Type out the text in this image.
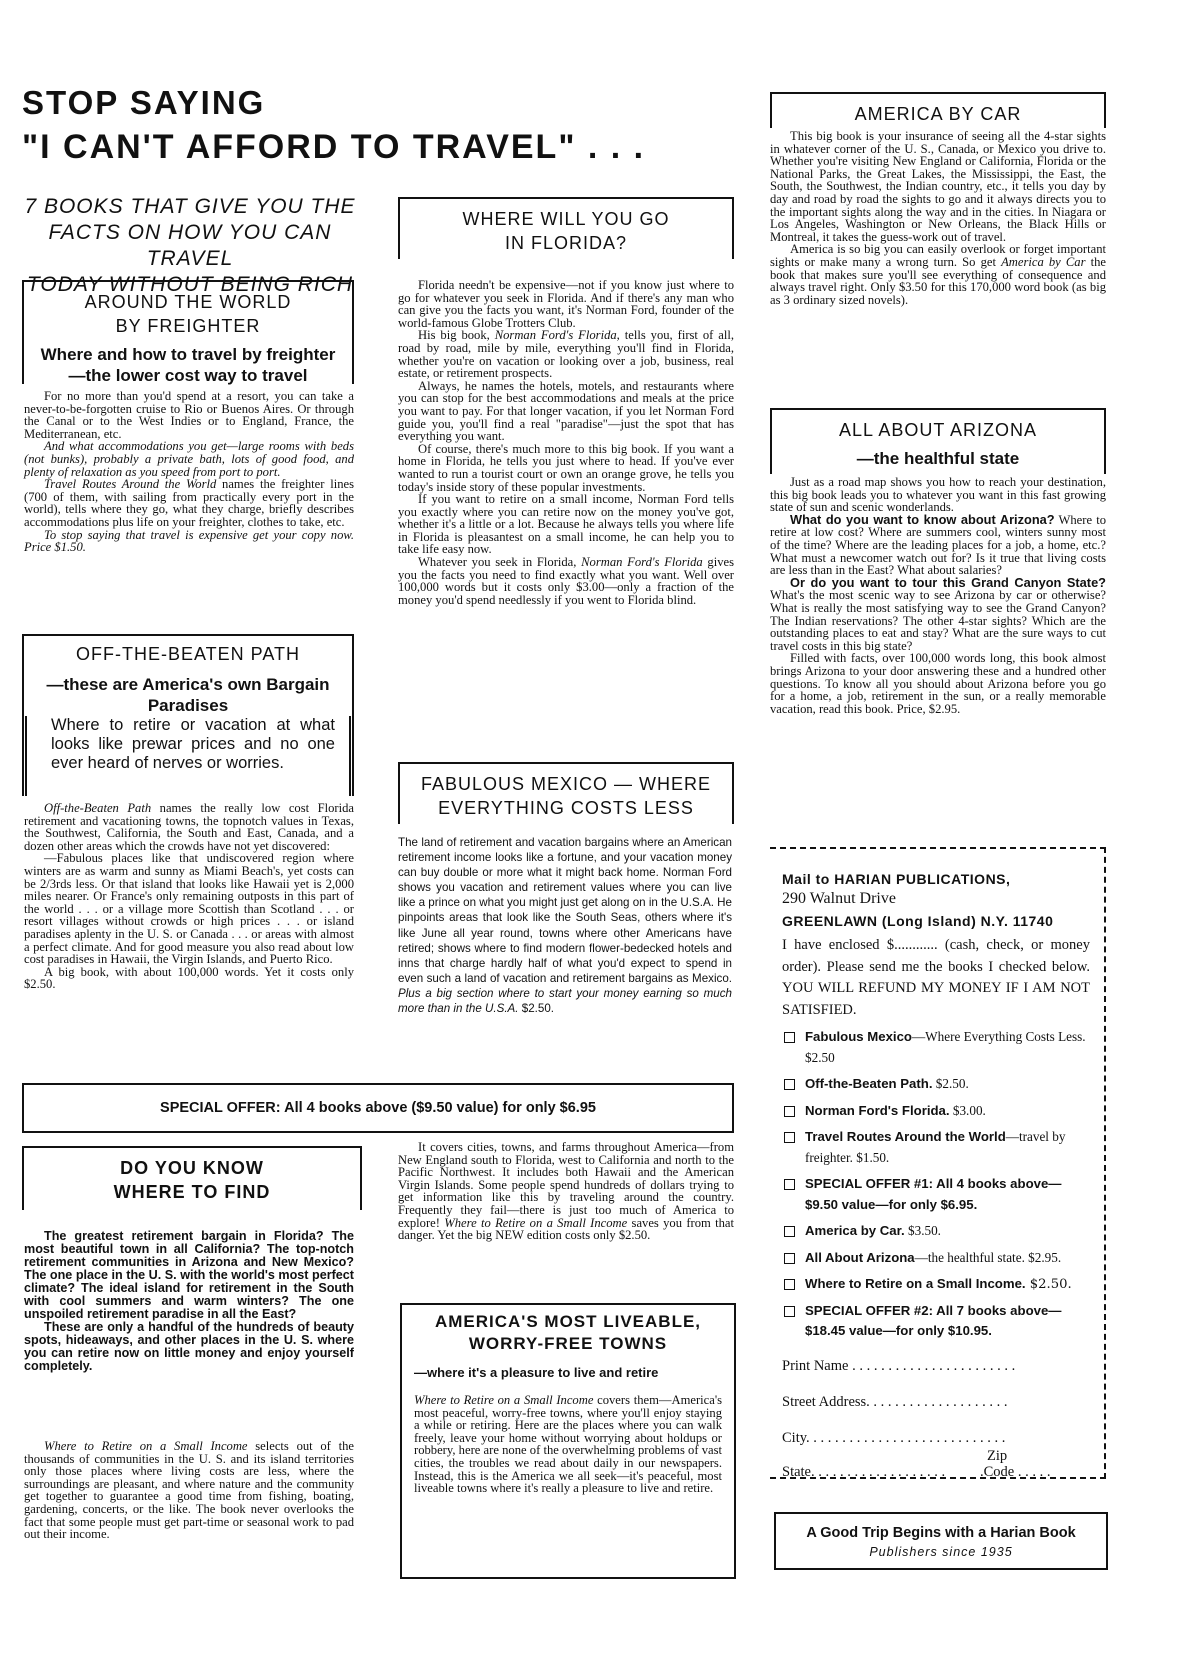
STOP SAYING
"I CAN'T AFFORD TO TRAVEL" . . .
7 BOOKS THAT GIVE YOU THE
FACTS ON HOW YOU CAN TRAVEL
TODAY WITHOUT BEING RICH
AROUND THE WORLD
BY FREIGHTER
Where and how to travel by freighter
—the lower cost way to travel

For no more than you'd spend at a resort, you can take a never-to-be-forgotten cruise to Rio or Buenos Aires. Or through the Canal or to the West Indies or to England, France, the Mediterranean, etc.

And what accommodations you get—large rooms with beds (not bunks), probably a private bath, lots of good food, and plenty of relaxation as you speed from port to port.

Travel Routes Around the World names the freighter lines (700 of them, with sailing from practically every port in the world), tells where they go, what they charge, briefly describes accommodations plus life on your freighter, clothes to take, etc.

To stop saying that travel is expensive get your copy now. Price $1.50.

OFF-THE-BEATEN PATH
—these are America's own Bargain
Paradises
Where to retire or vacation at what looks like prewar prices and no one ever heard of nerves or worries.

Off-the-Beaten Path names the really low cost Florida retirement and vacationing towns, the topnotch values in Texas, the Southwest, California, the South and East, Canada, and a dozen other areas which the crowds have not yet discovered:

—Fabulous places like that undiscovered region where winters are as warm and sunny as Miami Beach's, yet costs can be 2/3rds less. Or that island that looks like Hawaii yet is 2,000 miles nearer. Or France's only remaining outposts in this part of the world . . . or a village more Scottish than Scotland . . . or resort villages without crowds or high prices . . . or island paradises aplenty in the U. S. or Canada . . . or areas with almost a perfect climate. And for good measure you also read about low cost paradises in Hawaii, the Virgin Islands, and Puerto Rico.

A big book, with about 100,000 words. Yet it costs only $2.50.

WHERE WILL YOU GO
IN FLORIDA?

Florida needn't be expensive—not if you know just where to go for whatever you seek in Florida. And if there's any man who can give you the facts you want, it's Norman Ford, founder of the world-famous Globe Trotters Club.

His big book, Norman Ford's Florida, tells you, first of all, road by road, mile by mile, everything you'll find in Florida, whether you're on vacation or looking over a job, business, real estate, or retirement prospects.

Always, he names the hotels, motels, and restaurants where you can stop for the best accommodations and meals at the price you want to pay. For that longer vacation, if you let Norman Ford guide you, you'll find a real "paradise"—just the spot that has everything you want.

Of course, there's much more to this big book. If you want a home in Florida, he tells you just where to head. If you've ever wanted to run a tourist court or own an orange grove, he tells you today's inside story of these popular investments.

If you want to retire on a small income, Norman Ford tells you exactly where you can retire now on the money you've got, whether it's a little or a lot. Because he always tells you where life in Florida is pleasantest on a small income, he can help you to take life easy now.

Whatever you seek in Florida, Norman Ford's Florida gives you the facts you need to find exactly what you want. Well over 100,000 words but it costs only $3.00—only a fraction of the money you'd spend needlessly if you went to Florida blind.

FABULOUS MEXICO — WHERE
EVERYTHING COSTS LESS
The land of retirement and vacation bargains where an American retirement income looks like a fortune, and your vacation money can buy double or more what it might back home. Norman Ford shows you vacation and retirement values where you can live like a prince on what you might just get along on in the U.S.A. He pinpoints areas that look like the South Seas, others where it's like June all year round, towns where other Americans have retired; shows where to find modern flower-bedecked hotels and inns that charge hardly half of what you'd expect to spend in even such a land of vacation and retirement bargains as Mexico. Plus a big section where to start your money earning so much more than in the U.S.A. $2.50.
SPECIAL OFFER: All 4 books above ($9.50 value) for only $6.95
DO YOU KNOW
WHERE TO FIND

The greatest retirement bargain in Florida? The most beautiful town in all California? The top-notch retirement communities in Arizona and New Mexico? The one place in the U. S. with the world's most perfect climate? The ideal island for retirement in the South with cool summers and warm winters? The one unspoiled retirement paradise in all the East?

These are only a handful of the hundreds of beauty spots, hideaways, and other places in the U. S. where you can retire now on little money and enjoy yourself completely.

Where to Retire on a Small Income selects out of the thousands of communities in the U. S. and its island territories only those places where living costs are less, where the surroundings are pleasant, and where nature and the community get together to guarantee a good time from fishing, boating, gardening, concerts, or the like. The book never overlooks the fact that some people must get part-time or seasonal work to pad out their income.

It covers cities, towns, and farms throughout America—from New England south to Florida, west to California and north to the Pacific Northwest. It includes both Hawaii and the American Virgin Islands. Some people spend hundreds of dollars trying to get information like this by traveling around the country. Frequently they fail—there is just too much of America to explore! Where to Retire on a Small Income saves you from that danger. Yet the big NEW edition costs only $2.50.

AMERICA'S MOST LIVEABLE,
WORRY-FREE TOWNS
—where it's a pleasure to live and retire
Where to Retire on a Small Income covers them—America's most peaceful, worry-free towns, where you'll enjoy staying a while or retiring. Here are the places where you can walk freely, leave your home without worrying about holdups or robbery, here are none of the overwhelming problems of vast cities, the troubles we read about daily in our newspapers. Instead, this is the America we all seek—it's peaceful, most liveable towns where it's really a pleasure to live and retire.
AMERICA BY CAR

This big book is your insurance of seeing all the 4-star sights in whatever corner of the U. S., Canada, or Mexico you drive to. Whether you're visiting New England or California, Florida or the National Parks, the Great Lakes, the Mississippi, the East, the South, the Southwest, the Indian country, etc., it tells you day by day and road by road the sights to go and it always directs you to the important sights along the way and in the cities. In Niagara or Los Angeles, Washington or New Orleans, the Black Hills or Montreal, it takes the guess-work out of travel.

America is so big you can easily overlook or forget important sights or make many a wrong turn. So get America by Car the book that makes sure you'll see everything of consequence and always travel right. Only $3.50 for this 170,000 word book (as big as 3 ordinary sized novels).

ALL ABOUT ARIZONA
—the healthful state

Just as a road map shows you how to reach your destination, this big book leads you to whatever you want in this fast growing state of sun and scenic wonderlands.

What do you want to know about Arizona? Where to retire at low cost? Where are summers cool, winters sunny most of the time? Where are the leading places for a job, a home, etc.? What must a newcomer watch out for? Is it true that living costs are less than in the East? What about salaries?

Or do you want to tour this Grand Canyon State? What's the most scenic way to see Arizona by car or otherwise? What is really the most satisfying way to see the Grand Canyon? The Indian reservations? The other 4-star sights? Which are the outstanding places to eat and stay? What are the sure ways to cut travel costs in this big state?

Filled with facts, over 100,000 words long, this book almost brings Arizona to your door answering these and a hundred other questions. To know all you should about Arizona before you go for a home, a job, retirement in the sun, or a really memorable vacation, read this book. Price, $2.95.

Mail to HARIAN PUBLICATIONS,
290 Walnut Drive
GREENLAWN (Long Island) N.Y. 11740
I have enclosed $............ (cash, check, or money order). Please send me the books I checked below. YOU WILL REFUND MY MONEY IF I AM NOT SATISFIED.
Fabulous Mexico—Where Everything Costs Less. $2.50
Off-the-Beaten Path. $2.50.
Norman Ford's Florida. $3.00.
Travel Routes Around the World—travel by freighter. $1.50.
SPECIAL OFFER #1: All 4 books above—$9.50 value—for only $6.95.
America by Car. $3.50.
All About Arizona—the healthful state. $2.95.
Where to Retire on a Small Income. $2.50.
SPECIAL OFFER #2: All 7 books above—$18.45 value—for only $10.95.
Print Name . . . . . . . . . . . . . . . . . . . . . . .
Street Address. . . . . . . . . . . . . . . . . . . .
City. . . . . . . . . . . . . . . . . . . . . . . . . . . .
Zip
State. . . . . . . . . . . . . . . . . . . .Code . . . . .
A Good Trip Begins with a Harian Book
Publishers since 1935
